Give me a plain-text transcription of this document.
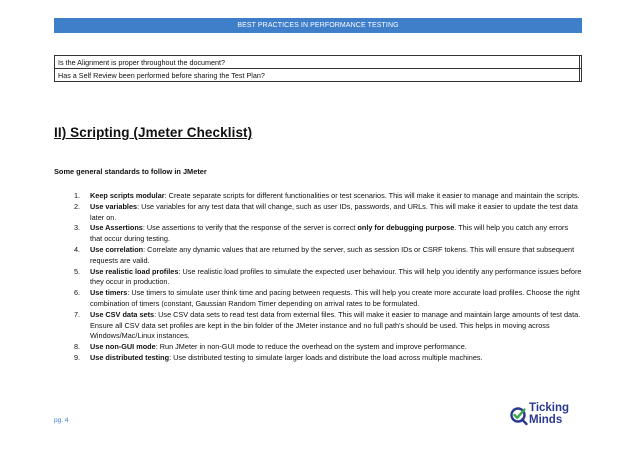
BEST PRACTICES IN PERFORMANCE TESTING
Is the Alignment is proper throughout the document?	
Has a Self Review been performed before sharing the Test Plan?	
II) Scripting (Jmeter Checklist)
Some general standards to follow in JMeter
1. Keep scripts modular: Create separate scripts for different functionalities or test scenarios. This will make it easier to manage and maintain the scripts.
2. Use variables: Use variables for any test data that will change, such as user IDs, passwords, and URLs. This will make it easier to update the test data later on.
3. Use Assertions: Use assertions to verify that the response of the server is correct only for debugging purpose. This will help you catch any errors that occur during testing.
4. Use correlation: Correlate any dynamic values that are returned by the server, such as session IDs or CSRF tokens. This will ensure that subsequent requests are valid.
5. Use realistic load profiles: Use realistic load profiles to simulate the expected user behaviour. This will help you identify any performance issues before they occur in production.
6. Use timers: Use timers to simulate user think time and pacing between requests. This will help you create more accurate load profiles. Choose the right combination of timers (constant, Gaussian Random Timer depending on arrival rates to be formulated.
7. Use CSV data sets: Use CSV data sets to read test data from external files. This will make it easier to manage and maintain large amounts of test data. Ensure all CSV data set profiles are kept in the bin folder of the JMeter instance and no full path's should be used. This helps in moving across Windows/Mac/Linux instances.
8. Use non-GUI mode: Run JMeter in non-GUI mode to reduce the overhead on the system and improve performance.
9. Use distributed testing: Use distributed testing to simulate larger loads and distribute the load across multiple machines.
pg. 4
Ticking
Minds
